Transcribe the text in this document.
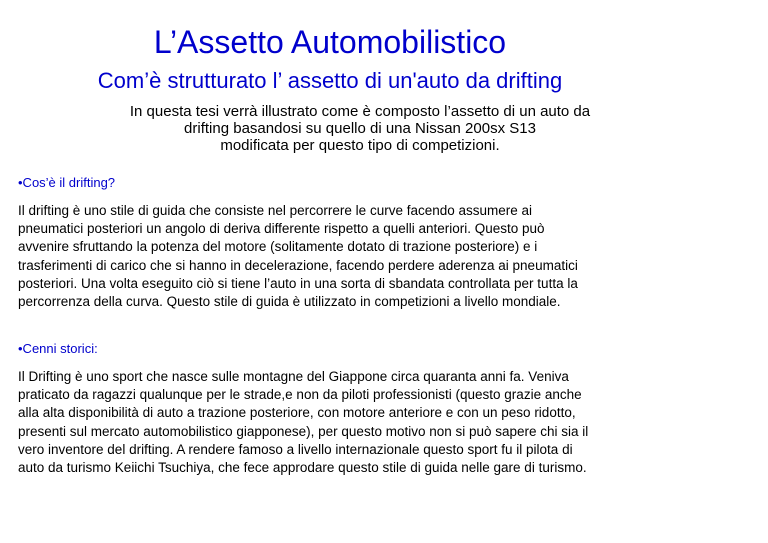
L’Assetto Automobilistico
Com’è strutturato l’ assetto di un'auto da drifting
In questa tesi verrà illustrato come è composto l’assetto di un auto da
drifting basandosi su quello di una Nissan 200sx S13
modificata per questo tipo di competizioni.
•Cos’è il drifting?
Il drifting è uno stile di guida che consiste nel percorrere le curve facendo assumere ai
pneumatici posteriori un angolo di deriva differente rispetto a quelli anteriori. Questo può
avvenire sfruttando la potenza del motore (solitamente dotato di trazione posteriore) e i
trasferimenti di carico che si hanno in decelerazione, facendo perdere aderenza ai pneumatici
posteriori. Una volta eseguito ciò si tiene l’auto in una sorta di sbandata controllata per tutta la
percorrenza della curva. Questo stile di guida è utilizzato in competizioni a livello mondiale.
•Cenni storici:
Il Drifting è uno sport che nasce sulle montagne del Giappone circa quaranta anni fa. Veniva
praticato da ragazzi qualunque per le strade,e non da piloti professionisti (questo grazie anche
alla alta disponibilità di auto a trazione posteriore, con motore anteriore e con un peso ridotto,
presenti sul mercato automobilistico giapponese), per questo motivo non si può sapere chi sia il
vero inventore del drifting. A rendere famoso a livello internazionale questo sport fu il pilota di
auto da turismo Keiichi Tsuchiya, che fece approdare questo stile di guida nelle gare di turismo.
